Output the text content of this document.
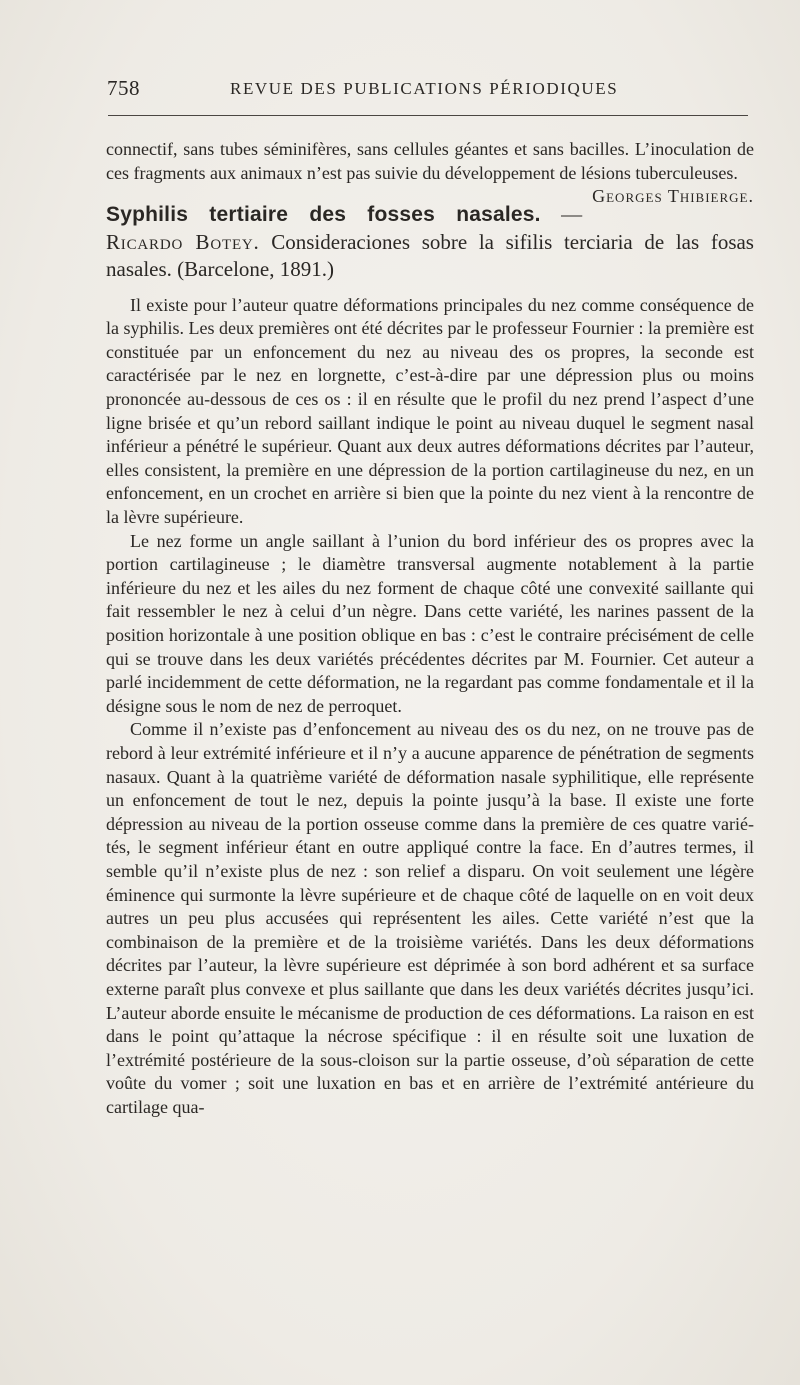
758	REVUE DES PUBLICATIONS PÉRIODIQUES

connectif, sans tubes séminifères, sans cellules géantes et sans bacilles. L’inoculation de ces fragments aux animaux n’est pas suivie du développement de lésions tuberculeuses.
Georges Thibierge.

Syphilis tertiaire des fosses nasales. — Ricardo Botey. Consideraciones sobre la sifilis terciaria de las fosas nasales. (Barcelone, 1891.)

Il existe pour l’auteur quatre déformations principales du nez comme conséquence de la syphilis. Les deux premières ont été décrites par le professeur Fournier : la première est constituée par un enfoncement du nez au niveau des os propres, la seconde est caractérisée par le nez en lorgnette, c’est-à-dire par une dépression plus ou moins prononcée au-dessous de ces os : il en résulte que le profil du nez prend l’aspect d’une ligne brisée et qu’un rebord saillant indique le point au niveau duquel le segment nasal inférieur a pénétré le supérieur. Quant aux deux autres déformations décrites par l’auteur, elles consistent, la première en une dépression de la portion cartilagineuse du nez, en un enfoncement, en un crochet en arrière si bien que la pointe du nez vient à la rencontre de la lèvre supérieure.

Le nez forme un angle saillant à l’union du bord inférieur des os propres avec la portion cartilagineuse ; le diamètre transversal augmente notablement à la partie inférieure du nez et les ailes du nez forment de chaque côté une convexité saillante qui fait ressembler le nez à celui d’un nègre. Dans cette variété, les narines passent de la position horizontale à une position oblique en bas : c’est le contraire précisément de celle qui se trouve dans les deux variétés précédentes décrites par M. Fournier. Cet auteur a parlé incidemment de cette déformation, ne la regardant pas comme fondamentale et il la désigne sous le nom de nez de perroquet.

Comme il n’existe pas d’enfoncement au niveau des os du nez, on ne trouve pas de rebord à leur extrémité inférieure et il n’y a aucune apparence de pénétration de segments nasaux. Quant à la quatrième variété de déformation nasale syphilitique, elle représente un enfoncement de tout le nez, depuis la pointe jusqu’à la base. Il existe une forte dépression au niveau de la portion osseuse comme dans la première de ces quatre variétés, le segment inférieur étant en outre appliqué contre la face. En d’autres termes, il semble qu’il n’existe plus de nez : son relief a disparu. On voit seulement une légère éminence qui surmonte la lèvre supérieure et de chaque côté de laquelle on en voit deux autres un peu plus accusées qui représentent les ailes. Cette variété n’est que la combinaison de la première et de la troisième variétés. Dans les deux déformations décrites par l’auteur, la lèvre supérieure est déprimée à son bord adhérent et sa surface externe paraît plus convexe et plus saillante que dans les deux variétés décrites jusqu’ici. L’auteur aborde ensuite le mécanisme de production de ces déformations. La raison en est dans le point qu’attaque la nécrose spécifique : il en résulte soit une luxation de l’extrémité postérieure de la sous-cloison sur la partie osseuse, d’où séparation de cette voûte du vomer ; soit une luxation en bas et en arrière de l’extrémité antérieure du cartilage qua-
